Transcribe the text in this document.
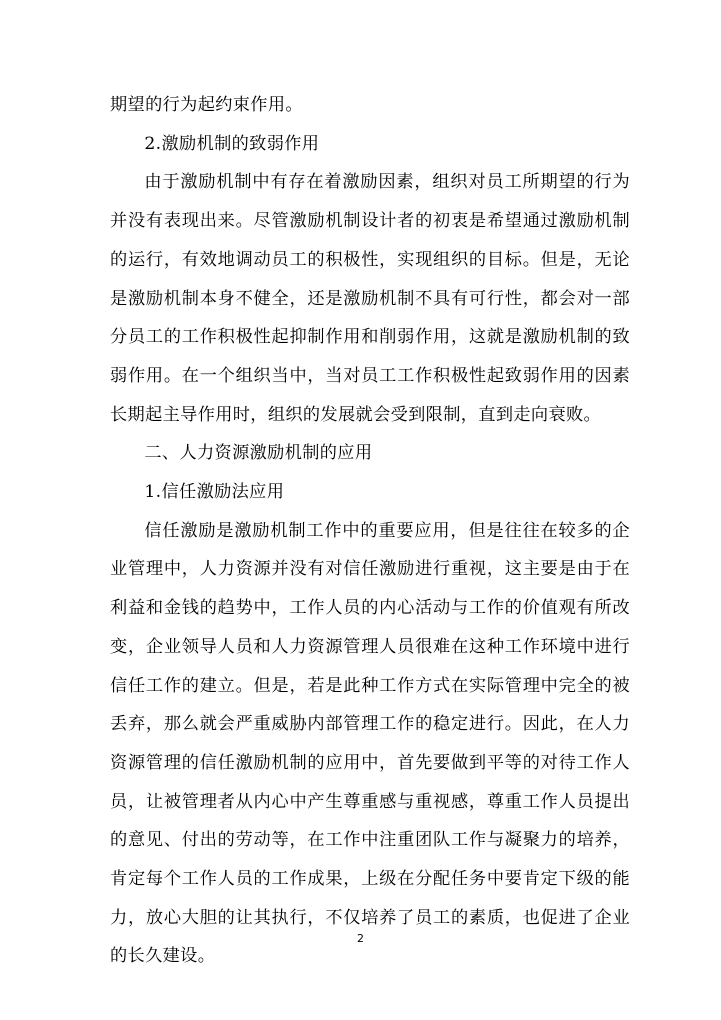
期望的行为起约束作用。

2.激励机制的致弱作用

由于激励机制中有存在着激励因素，组织对员工所期望的行为并没有表现出来。尽管激励机制设计者的初衷是希望通过激励机制的运行，有效地调动员工的积极性，实现组织的目标。但是，无论是激励机制本身不健全，还是激励机制不具有可行性，都会对一部分员工的工作积极性起抑制作用和削弱作用，这就是激励机制的致弱作用。在一个组织当中，当对员工工作积极性起致弱作用的因素长期起主导作用时，组织的发展就会受到限制，直到走向衰败。

二、人力资源激励机制的应用

1.信任激励法应用

信任激励是激励机制工作中的重要应用，但是往往在较多的企业管理中，人力资源并没有对信任激励进行重视，这主要是由于在利益和金钱的趋势中，工作人员的内心活动与工作的价值观有所改变，企业领导人员和人力资源管理人员很难在这种工作环境中进行信任工作的建立。但是，若是此种工作方式在实际管理中完全的被丢弃，那么就会严重威胁内部管理工作的稳定进行。因此，在人力资源管理的信任激励机制的应用中，首先要做到平等的对待工作人员，让被管理者从内心中产生尊重感与重视感，尊重工作人员提出的意见、付出的劳动等，在工作中注重团队工作与凝聚力的培养，肯定每个工作人员的工作成果，上级在分配任务中要肯定下级的能力，放心大胆的让其执行，不仅培养了员工的素质，也促进了企业的长久建设。

2
